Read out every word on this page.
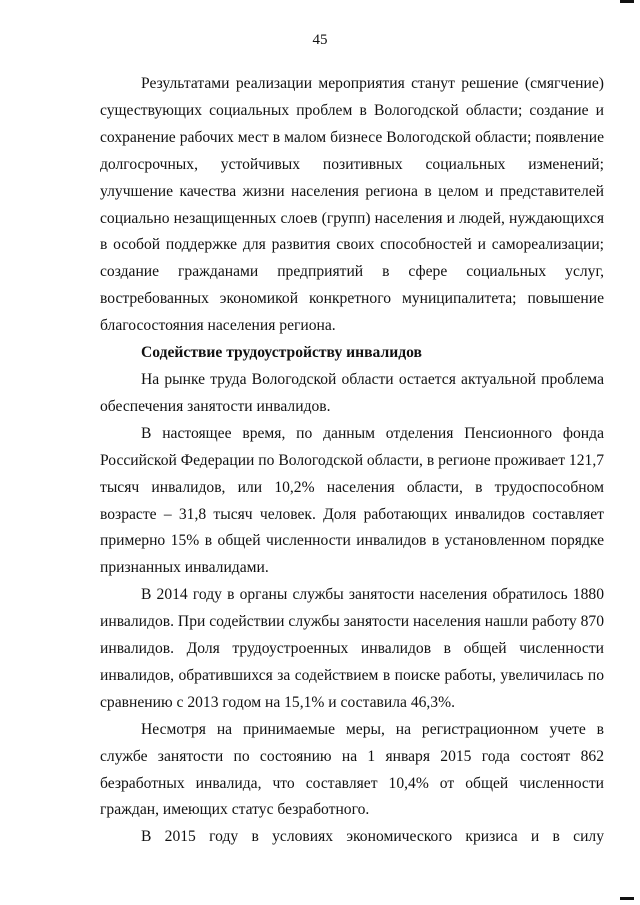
45

Результатами реализации мероприятия станут решение (смягчение) существующих социальных проблем в Вологодской области; создание и сохранение рабочих мест в малом бизнесе Вологодской области; появление долгосрочных, устойчивых позитивных социальных изменений; улучшение качества жизни населения региона в целом и представителей социально незащищенных слоев (групп) населения и людей, нуждающихся в особой поддержке для развития своих способностей и самореализации; создание гражданами предприятий в сфере социальных услуг, востребованных экономикой конкретного муниципалитета; повышение благосостояния населения региона.

Содействие трудоустройству инвалидов

На рынке труда Вологодской области остается актуальной проблема обеспечения занятости инвалидов.

В настоящее время, по данным отделения Пенсионного фонда Российской Федерации по Вологодской области, в регионе проживает 121,7 тысяч инвалидов, или 10,2% населения области, в трудоспособном возрасте – 31,8 тысяч человек. Доля работающих инвалидов составляет примерно 15% в общей численности инвалидов в установленном порядке признанных инвалидами.

В 2014 году в органы службы занятости населения обратилось 1880 инвалидов. При содействии службы занятости населения нашли работу 870 инвалидов. Доля трудоустроенных инвалидов в общей численности инвалидов, обратившихся за содействием в поиске работы, увеличилась по сравнению с 2013 годом на 15,1% и составила 46,3%.

Несмотря на принимаемые меры, на регистрационном учете в службе занятости по состоянию на 1 января 2015 года состоят 862 безработных инвалида, что составляет 10,4% от общей численности граждан, имеющих статус безработного.

В 2015 году в условиях экономического кризиса и в силу
